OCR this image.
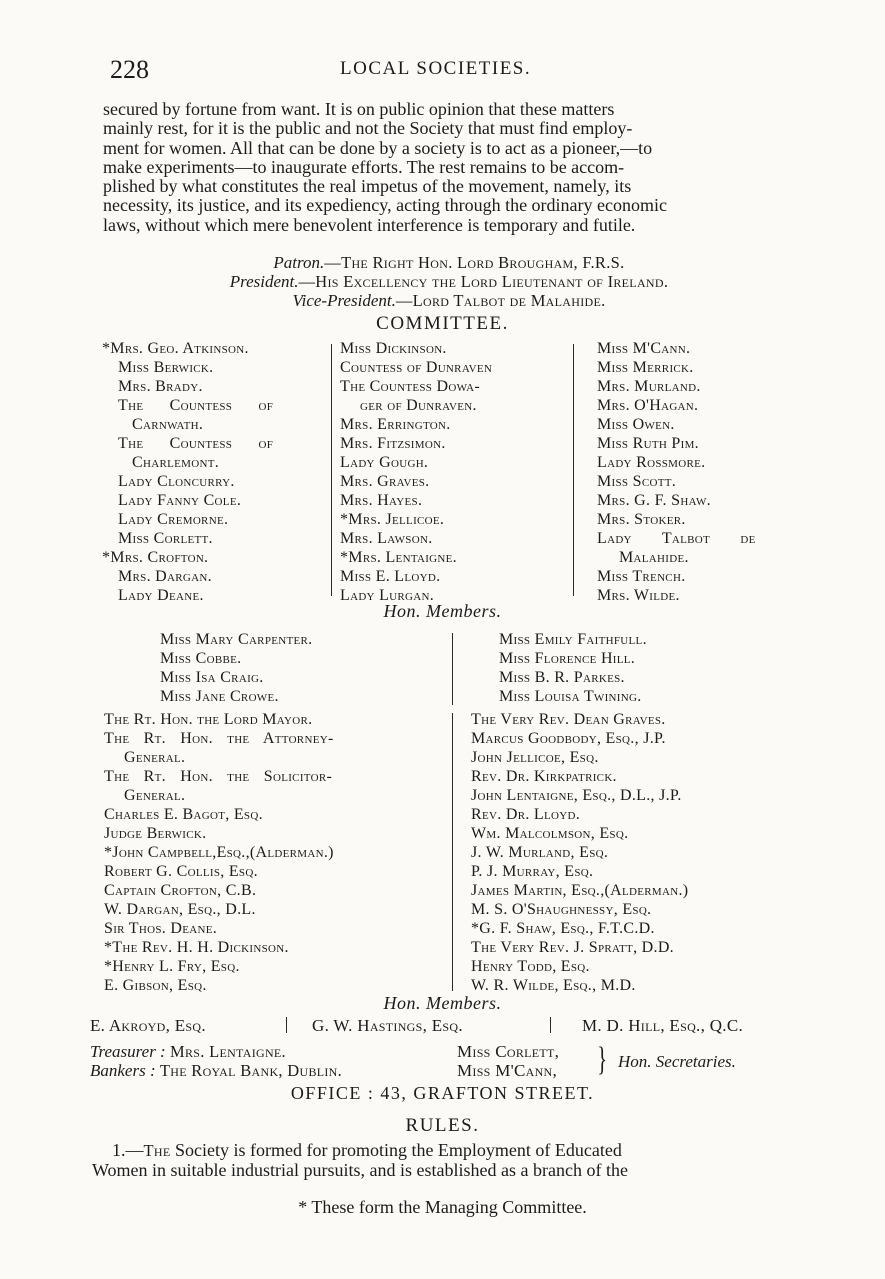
228	LOCAL SOCIETIES.
secured by fortune from want. It is on public opinion that these matters
mainly rest, for it is the public and not the Society that must find employ-
ment for women. All that can be done by a society is to act as a pioneer,—to
make experiments—to inaugurate efforts. The rest remains to be accom-
plished by what constitutes the real impetus of the movement, namely, its
necessity, its justice, and its expediency, acting through the ordinary economic
laws, without which mere benevolent interference is temporary and futile.
Patron.—The Right Hon. Lord Brougham, F.R.S.
President.—His Excellency the Lord Lieutenant of Ireland.
Vice-President.—Lord Talbot de Malahide.
COMMITTEE.
*Mrs. Geo. Atkinson.
Miss Berwick.
Mrs. Brady.
The Countess of
Carnwath.
The Countess of
Charlemont.
Lady Cloncurry.
Lady Fanny Cole.
Lady Cremorne.
Miss Corlett.
*Mrs. Crofton.
Mrs. Dargan.
Lady Deane.
Miss Dickinson.
Countess of Dunraven
The Countess Dowa-
ger of Dunraven.
Mrs. Errington.
Mrs. Fitzsimon.
Lady Gough.
Mrs. Graves.
Mrs. Hayes.
*Mrs. Jellicoe.
Mrs. Lawson.
*Mrs. Lentaigne.
Miss E. Lloyd.
Lady Lurgan.
Miss M'Cann.
Miss Merrick.
Mrs. Murland.
Mrs. O'Hagan.
Miss Owen.
Miss Ruth Pim.
Lady Rossmore.
Miss Scott.
Mrs. G. F. Shaw.
Mrs. Stoker.
Lady Talbot de
Malahide.
Miss Trench.
Mrs. Wilde.
Hon. Members.
Miss Mary Carpenter.
Miss Cobbe.
Miss Isa Craig.
Miss Jane Crowe.
Miss Emily Faithfull.
Miss Florence Hill.
Miss B. R. Parkes.
Miss Louisa Twining.
The Rt. Hon. the Lord Mayor.
The Rt. Hon. the Attorney-
General.
The Rt. Hon. the Solicitor-
General.
Charles E. Bagot, Esq.
Judge Berwick.
*John Campbell,Esq.,(Alderman.)
Robert G. Collis, Esq.
Captain Crofton, C.B.
W. Dargan, Esq., D.L.
Sir Thos. Deane.
*The Rev. H. H. Dickinson.
*Henry L. Fry, Esq.
E. Gibson, Esq.
The Very Rev. Dean Graves.
Marcus Goodbody, Esq., J.P.
John Jellicoe, Esq.
Rev. Dr. Kirkpatrick.
John Lentaigne, Esq., D.L., J.P.
Rev. Dr. Lloyd.
Wm. Malcolmson, Esq.
J. W. Murland, Esq.
P. J. Murray, Esq.
James Martin, Esq.,(Alderman.)
M. S. O'Shaughnessy, Esq.
*G. F. Shaw, Esq., F.T.C.D.
The Very Rev. J. Spratt, D.D.
Henry Todd, Esq.
W. R. Wilde, Esq., M.D.
Hon. Members.
E. Akroyd, Esq.	G. W. Hastings, Esq.	M. D. Hill, Esq., Q.C.
Treasurer : Mrs. Lentaigne.
Bankers : The Royal Bank, Dublin.
Miss Corlett,
Miss M'Cann, } Hon. Secretaries.
OFFICE : 43, GRAFTON STREET.
RULES.
1.—The Society is formed for promoting the Employment of Educated
Women in suitable industrial pursuits, and is established as a branch of the
* These form the Managing Committee.
